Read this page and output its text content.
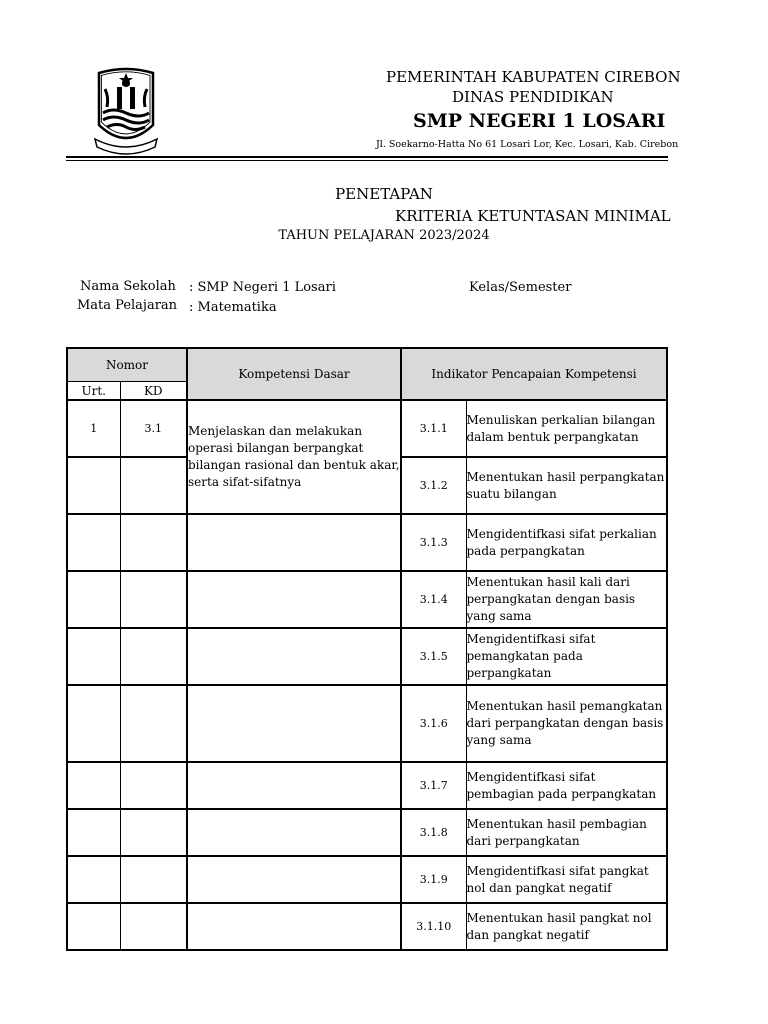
PEMERINTAH KABUPATEN CIREBON
DINAS PENDIDIKAN
SMP NEGERI 1 LOSARI
Jl. Soekarno-Hatta No 61 Losari Lor, Kec. Losari, Kab. Cirebon
PENETAPAN
KRITERIA KETUNTASAN MINIMAL
TAHUN PELAJARAN 2023/2024
Nama Sekolah : SMP Negeri 1 Losari
Mata Pelajaran : Matematika
Kelas/Semester
Nomor		Kompetensi Dasar	Indikator Pencapaian Kompetensi	
Urt.	KD			
1	3.1	Menjelaskan dan melakukan operasi bilangan berpangkat bilangan rasional dan bentuk akar, serta sifat-sifatnya	3.1.1	Menuliskan perkalian bilangan dalam bentuk perpangkatan
			3.1.2	Menentukan hasil perpangkatan suatu bilangan
			3.1.3	Mengidentifkasi sifat perkalian pada perpangkatan
			3.1.4	Menentukan hasil kali dari perpangkatan dengan basis yang sama
			3.1.5	Mengidentifkasi sifat pemangkatan pada perpangkatan
			3.1.6	Menentukan hasil pemangkatan dari perpangkatan dengan basis yang sama
			3.1.7	Mengidentifkasi sifat pembagian pada perpangkatan
			3.1.8	Menentukan hasil pembagian dari perpangkatan
			3.1.9	Mengidentifkasi sifat pangkat nol dan pangkat negatif
			3.1.10	Menentukan hasil pangkat nol dan pangkat negatif
